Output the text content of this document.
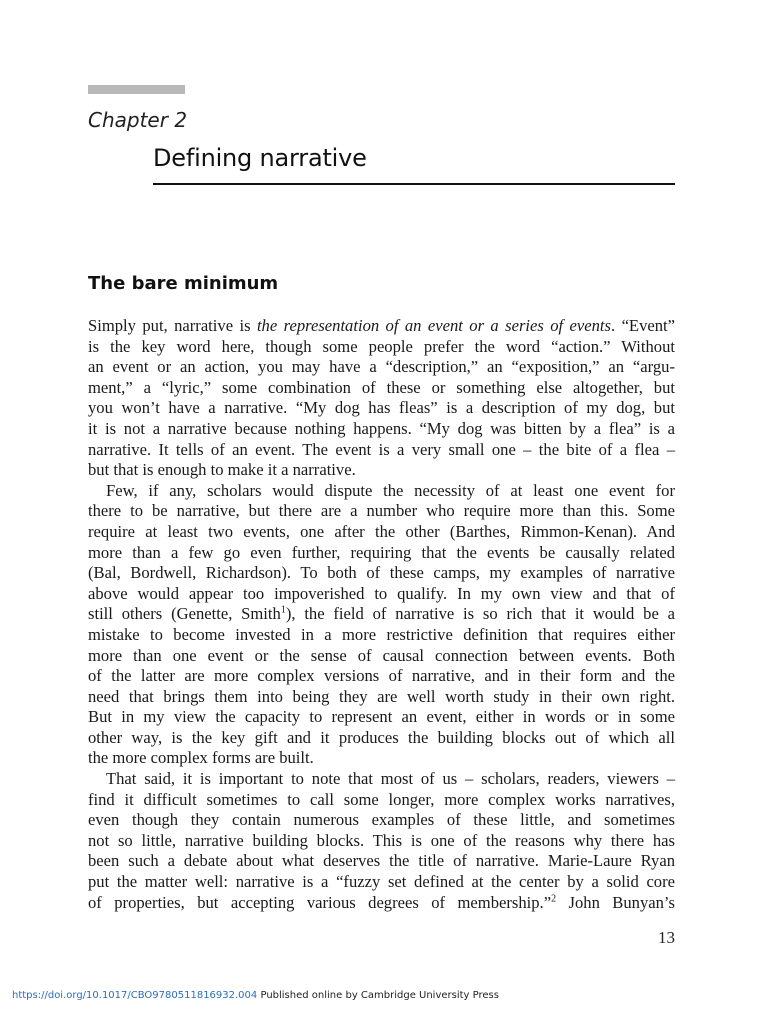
Chapter 2
Defining narrative
The bare minimum
Simply put, narrative is the representation of an event or a series of events. “Event”
is the key word here, though some people prefer the word “action.” Without
an event or an action, you may have a “description,” an “exposition,” an “argu-
ment,” a “lyric,” some combination of these or something else altogether, but
you won’t have a narrative. “My dog has fleas” is a description of my dog, but
it is not a narrative because nothing happens. “My dog was bitten by a flea” is a
narrative. It tells of an event. The event is a very small one – the bite of a flea –
but that is enough to make it a narrative.
Few, if any, scholars would dispute the necessity of at least one event for
there to be narrative, but there are a number who require more than this. Some
require at least two events, one after the other (Barthes, Rimmon-Kenan). And
more than a few go even further, requiring that the events be causally related
(Bal, Bordwell, Richardson). To both of these camps, my examples of narrative
above would appear too impoverished to qualify. In my own view and that of
still others (Genette, Smith$^1$), the field of narrative is so rich that it would be a
mistake to become invested in a more restrictive definition that requires either
more than one event or the sense of causal connection between events. Both
of the latter are more complex versions of narrative, and in their form and the
need that brings them into being they are well worth study in their own right.
But in my view the capacity to represent an event, either in words or in some
other way, is the key gift and it produces the building blocks out of which all
the more complex forms are built.
That said, it is important to note that most of us – scholars, readers, viewers –
find it difficult sometimes to call some longer, more complex works narratives,
even though they contain numerous examples of these little, and sometimes
not so little, narrative building blocks. This is one of the reasons why there has
been such a debate about what deserves the title of narrative. Marie-Laure Ryan
put the matter well: narrative is a “fuzzy set defined at the center by a solid core
of properties, but accepting various degrees of membership.”$^2$ John Bunyan’s
13
https://doi.org/10.1017/CBO9780511816932.004 Published online by Cambridge University Press
